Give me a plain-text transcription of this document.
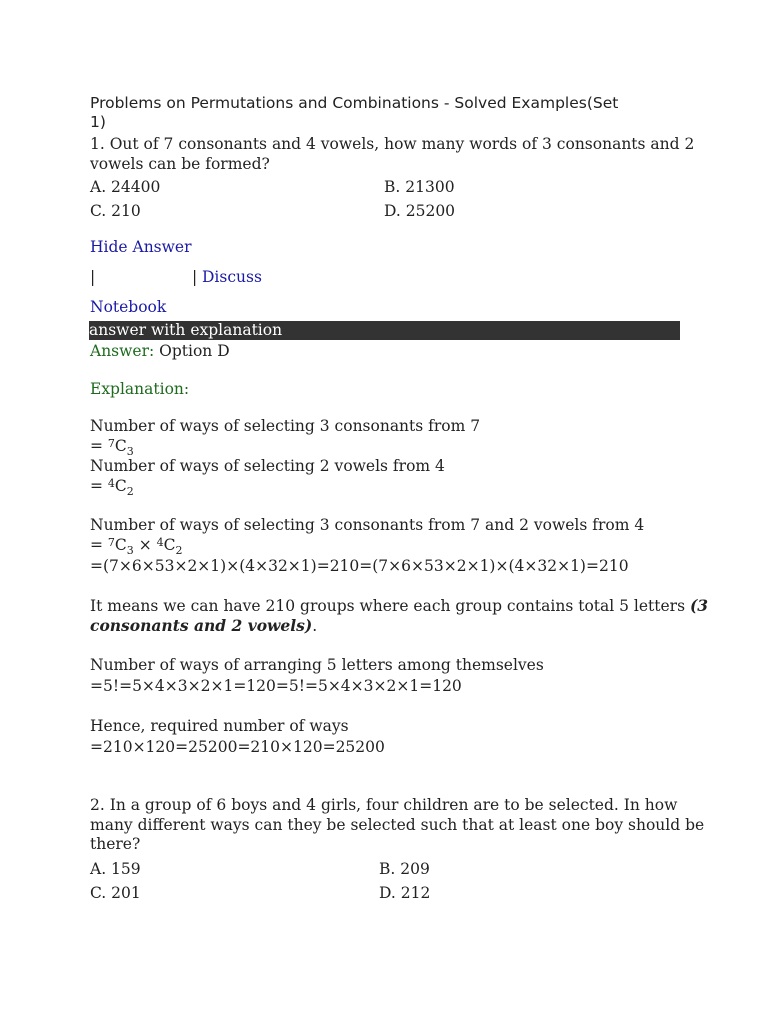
Problems on Permutations and Combinations - Solved Examples(Set
1)
1. Out of 7 consonants and 4 vowels, how many words of 3 consonants and 2
vowels can be formed?
A. 24400	B. 21300
C. 210	D. 25200
Hide Answer
|	| Discuss
Notebook
answer with explanation
Answer: Option D
Explanation:
Number of ways of selecting 3 consonants from 7
= $^7C_3$
Number of ways of selecting 2 vowels from 4
= $^4C_2$
Number of ways of selecting 3 consonants from 7 and 2 vowels from 4
= $^7C_3 \times ^4C_2$
=(7×6×53×2×1)×(4×32×1)=210=(7×6×53×2×1)×(4×32×1)=210
It means we can have 210 groups where each group contains total 5 letters (3
consonants and 2 vowels).
Number of ways of arranging 5 letters among themselves
=5!=5×4×3×2×1=120=5!=5×4×3×2×1=120
Hence, required number of ways
=210×120=25200=210×120=25200
2. In a group of 6 boys and 4 girls, four children are to be selected. In how
many different ways can they be selected such that at least one boy should be
there?
A. 159	B. 209
C. 201	D. 212
